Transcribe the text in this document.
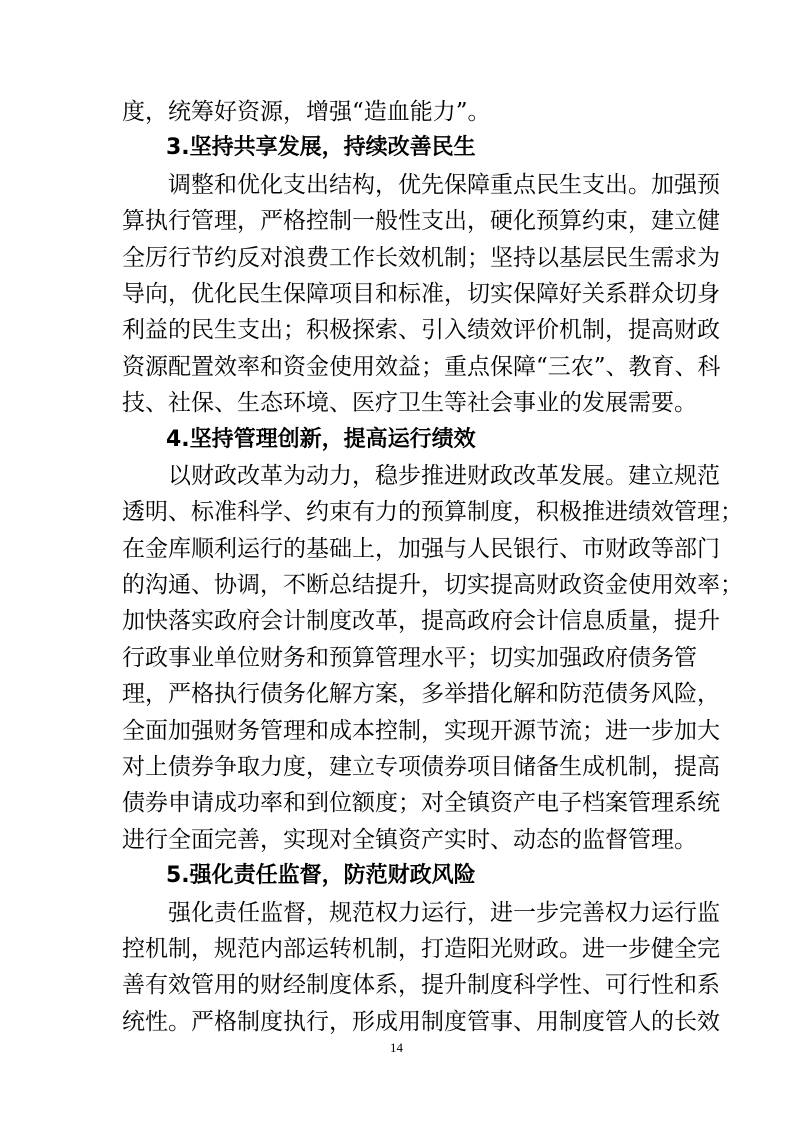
度，统筹好资源，增强“造血能力”。
3.坚持共享发展，持续改善民生
调整和优化支出结构，优先保障重点民生支出。加强预
算执行管理，严格控制一般性支出，硬化预算约束，建立健
全厉行节约反对浪费工作长效机制；坚持以基层民生需求为
导向，优化民生保障项目和标准，切实保障好关系群众切身
利益的民生支出；积极探索、引入绩效评价机制，提高财政
资源配置效率和资金使用效益；重点保障“三农”、教育、科
技、社保、生态环境、医疗卫生等社会事业的发展需要。
4.坚持管理创新，提高运行绩效
以财政改革为动力，稳步推进财政改革发展。建立规范
透明、标准科学、约束有力的预算制度，积极推进绩效管理；
在金库顺利运行的基础上，加强与人民银行、市财政等部门
的沟通、协调，不断总结提升，切实提高财政资金使用效率；
加快落实政府会计制度改革，提高政府会计信息质量，提升
行政事业单位财务和预算管理水平；切实加强政府债务管
理，严格执行债务化解方案，多举措化解和防范债务风险，
全面加强财务管理和成本控制，实现开源节流；进一步加大
对上债券争取力度，建立专项债券项目储备生成机制，提高
债券申请成功率和到位额度；对全镇资产电子档案管理系统
进行全面完善，实现对全镇资产实时、动态的监督管理。
5.强化责任监督，防范财政风险
强化责任监督，规范权力运行，进一步完善权力运行监
控机制，规范内部运转机制，打造阳光财政。进一步健全完
善有效管用的财经制度体系，提升制度科学性、可行性和系
统性。严格制度执行，形成用制度管事、用制度管人的长效
14
